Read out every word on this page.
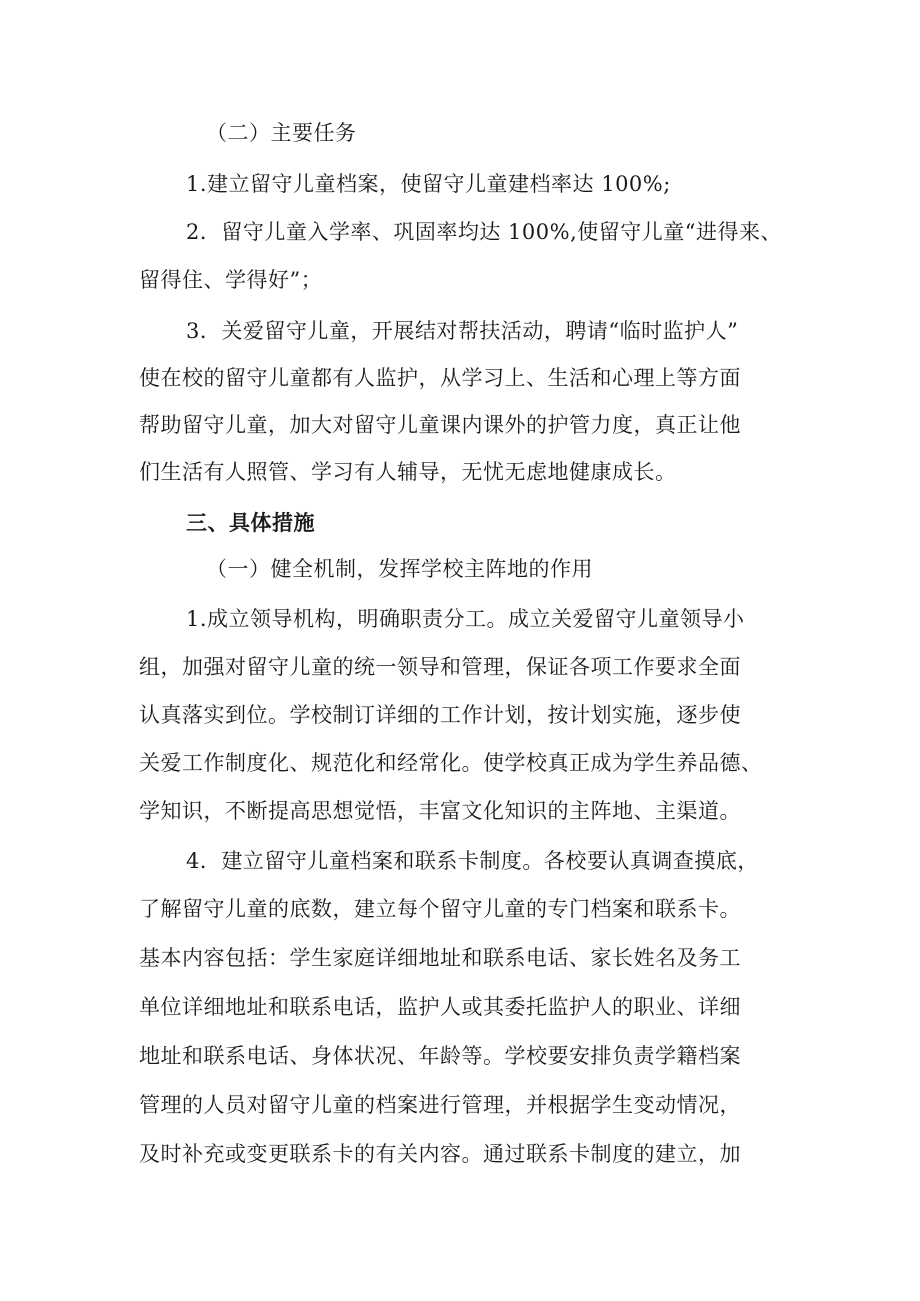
（二）主要任务
1.建立留守儿童档案，使留守儿童建档率达 100%;
2．留守儿童入学率、巩固率均达 100%,使留守儿童“进得来、
留得住、学得好”；
3．关爱留守儿童，开展结对帮扶活动，聘请“临时监护人”
使在校的留守儿童都有人监护，从学习上、生活和心理上等方面
帮助留守儿童，加大对留守儿童课内课外的护管力度，真正让他
们生活有人照管、学习有人辅导，无忧无虑地健康成长。
三、具体措施
（一）健全机制，发挥学校主阵地的作用
1.成立领导机构，明确职责分工。成立关爱留守儿童领导小
组，加强对留守儿童的统一领导和管理，保证各项工作要求全面
认真落实到位。学校制订详细的工作计划，按计划实施，逐步使
关爱工作制度化、规范化和经常化。使学校真正成为学生养品德、
学知识，不断提高思想觉悟，丰富文化知识的主阵地、主渠道。
4．建立留守儿童档案和联系卡制度。各校要认真调查摸底，
了解留守儿童的底数，建立每个留守儿童的专门档案和联系卡。
基本内容包括：学生家庭详细地址和联系电话、家长姓名及务工
单位详细地址和联系电话，监护人或其委托监护人的职业、详细
地址和联系电话、身体状况、年龄等。学校要安排负责学籍档案
管理的人员对留守儿童的档案进行管理，并根据学生变动情况，
及时补充或变更联系卡的有关内容。通过联系卡制度的建立，加
